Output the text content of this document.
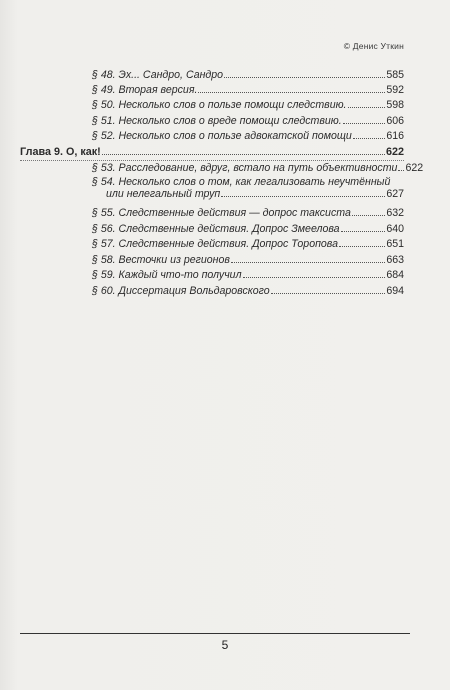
© Денис Уткин
§ 48. Эх... Сандро, Сандро	585
§ 49. Вторая версия.	592
§ 50. Несколько слов о пользе помощи следствию.	598
§ 51. Несколько слов о вреде помощи следствию.	606
§ 52. Несколько слов о пользе адвокатской помощи	616
Глава 9. О, как!	622
§ 53. Расследование, вдруг, встало на путь объективности 622
§ 54. Несколько слов о том, как легализовать неучтённый
или нелегальный труп	627
§ 55. Следственные действия — допрос таксиста	632
§ 56. Следственные действия. Допрос Змеелова	640
§ 57. Следственные действия. Допрос Торопова	651
§ 58. Весточки из регионов	663
§ 59. Каждый что-то получил	684
§ 60. Диссертация Вольдаровского	694
5
